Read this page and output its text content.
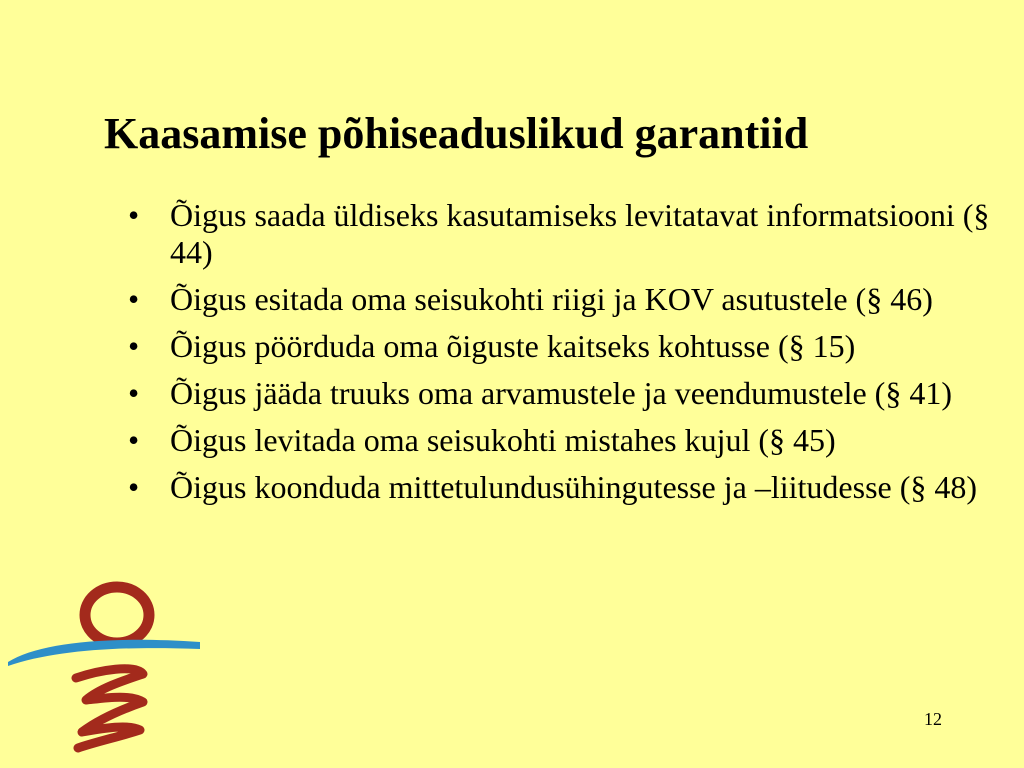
Kaasamise põhiseaduslikud garantiid
• Õigus saada üldiseks kasutamiseks levitatavat informatsiooni (§ 44)
• Õigus esitada oma seisukohti riigi ja KOV asutustele (§ 46)
• Õigus pöörduda oma õiguste kaitseks kohtusse (§ 15)
• Õigus jääda truuks oma arvamustele ja veendumustele (§ 41)
• Õigus levitada oma seisukohti mistahes kujul (§ 45)
• Õigus koonduda mittetulundusühingutesse ja –liitudesse (§ 48)
12
